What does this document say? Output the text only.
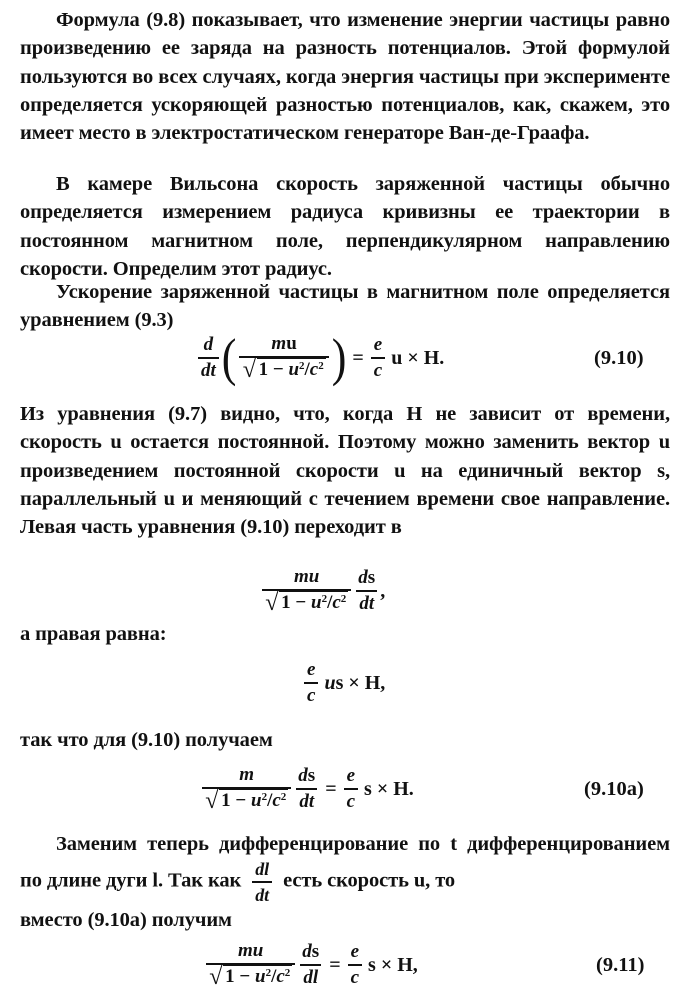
Формула (9.8) показывает, что изменение энергии частицы равно произведению ее заряда на разность потенциалов. Этой формулой пользуются во всех случаях, когда энергия частицы при эксперименте определяется ускоряющей разностью потенциалов, как, скажем, это имеет место в электростатическом генераторе Ван-де-Граафа.

В камере Вильсона скорость заряженной частицы обычно определяется измерением радиуса кривизны ее траектории в постоянном магнитном поле, перпендикулярном направлению скорости. Определим этот радиус.

Ускорение заряженной частицы в магнитном поле определяется уравнением (9.3)

$\frac{d}{dt}$ ( $\frac{mu}{√ 1 - u^2/c^2}$ ) = $\frac{e}{c}$ u × H.	(9.10)

Из уравнения (9.7) видно, что, когда H не зависит от времени, скорость u остается постоянной. Поэтому можно заменить вектор u произведением постоянной скорости u на единичный вектор s, параллельный u и меняющий с течением времени свое направление. Левая часть уравнения (9.10) переходит в

$\frac{mu}{√ 1 - u^2/c^2} \frac{ds}{dt}$ ,

а правая равна:

$\frac{e}{c}$ us × H,

так что для (9.10) получаем

$\frac{m}{√ 1 - u^2/c^2} \frac{ds}{dt} = \frac{e}{c}$ s × H.	(9.10a)

Заменим теперь дифференцирование по t дифференцированием по длине дуги l. Так как $\frac{dl}{dt}$ есть скорость u, то
вместо (9.10а) получим

$\frac{mu}{√ 1 - u^2/c^2} \frac{ds}{dl} = \frac{e}{c}$ s × H,	(9.11)
